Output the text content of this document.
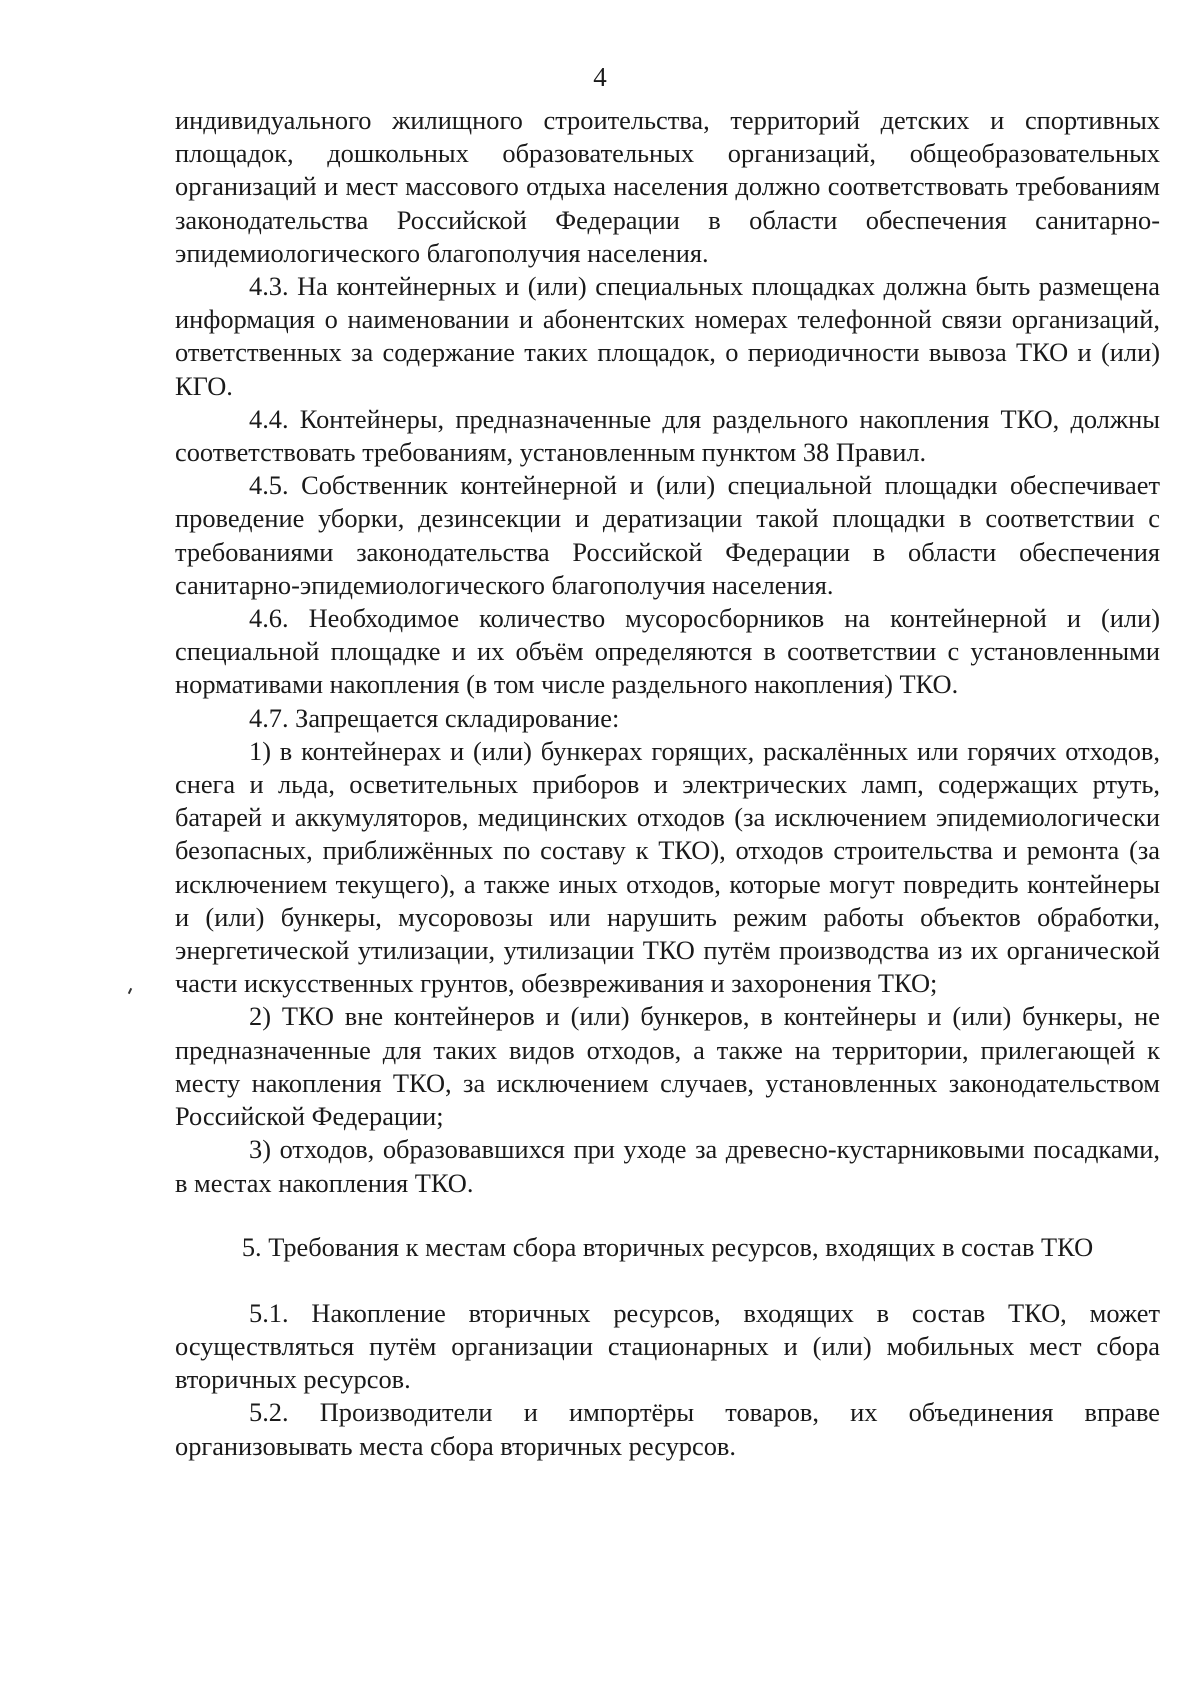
4

индивидуального жилищного строительства, территорий детских и спортивных площадок, дошкольных образовательных организаций, общеобразовательных организаций и мест массового отдыха населения должно соответствовать требованиям законодательства Российской Федерации в области обеспечения санитарно-эпидемиологического благополучия населения.

4.3. На контейнерных и (или) специальных площадках должна быть размещена информация о наименовании и абонентских номерах телефонной связи организаций, ответственных за содержание таких площадок, о периодичности вывоза ТКО и (или) КГО.

4.4. Контейнеры, предназначенные для раздельного накопления ТКО, должны соответствовать требованиям, установленным пунктом 38 Правил.

4.5. Собственник контейнерной и (или) специальной площадки обеспечивает проведение уборки, дезинсекции и дератизации такой площадки в соответствии с требованиями законодательства Российской Федерации в области обеспечения санитарно-эпидемиологического благополучия населения.

4.6. Необходимое количество мусоросборников на контейнерной и (или) специальной площадке и их объём определяются в соответствии с установленными нормативами накопления (в том числе раздельного накопления) ТКО.

4.7. Запрещается складирование:

1) в контейнерах и (или) бункерах горящих, раскалённых или горячих отходов, снега и льда, осветительных приборов и электрических ламп, содержащих ртуть, батарей и аккумуляторов, медицинских отходов (за исключением эпидемиологически безопасных, приближённых по составу к ТКО), отходов строительства и ремонта (за исключением текущего), а также иных отходов, которые могут повредить контейнеры и (или) бункеры, мусоровозы или нарушить режим работы объектов обработки, энергетической утилизации, утилизации ТКО путём производства из их органической части искусственных грунтов, обезвреживания и захоронения ТКО;

2) ТКО вне контейнеров и (или) бункеров, в контейнеры и (или) бункеры, не предназначенные для таких видов отходов, а также на территории, прилегающей к месту накопления ТКО, за исключением случаев, установленных законодательством Российской Федерации;

3) отходов, образовавшихся при уходе за древесно-кустарниковыми посадками, в местах накопления ТКО.

5. Требования к местам сбора вторичных ресурсов, входящих в состав ТКО

5.1. Накопление вторичных ресурсов, входящих в состав ТКО, может осуществляться путём организации стационарных и (или) мобильных мест сбора вторичных ресурсов.

5.2. Производители и импортёры товаров, их объединения вправе организовывать места сбора вторичных ресурсов.
